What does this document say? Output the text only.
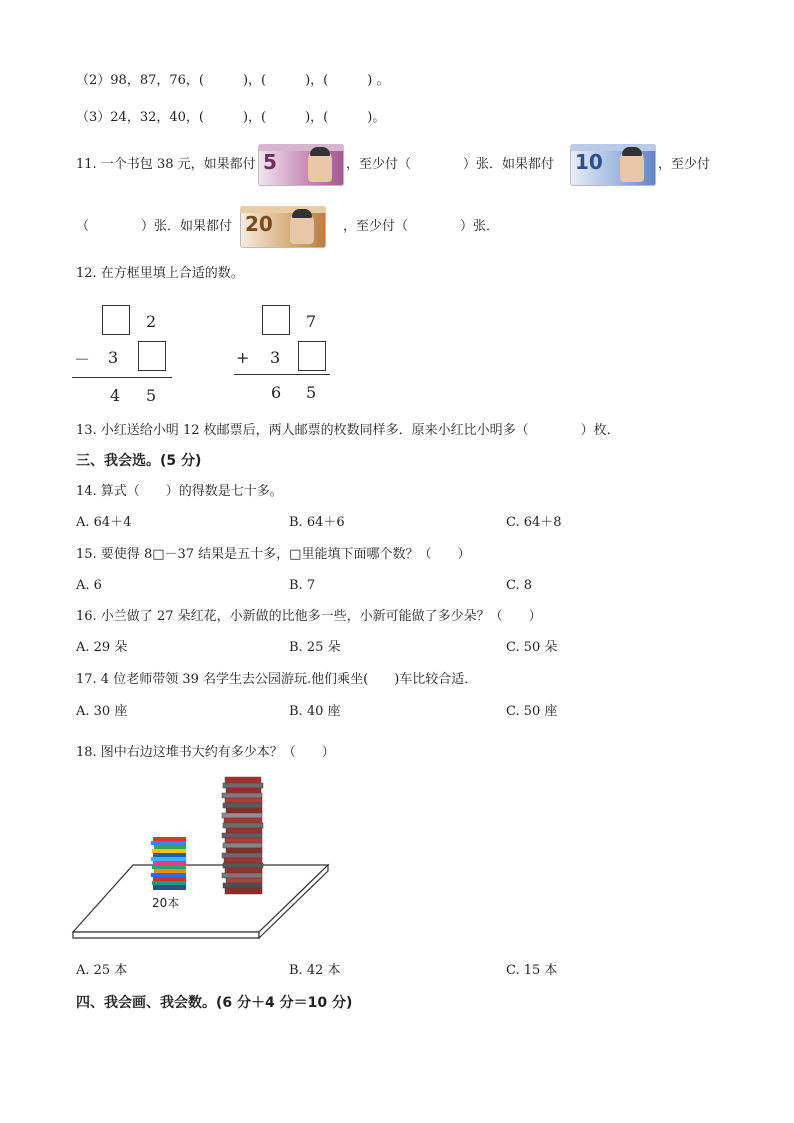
（2）98，87，76，(　　　)，(　　　)，(　　　) 。
（3）24，32，40，(　　　)，(　　　)，(　　　)。
11. 一个书包 38 元，如果都付 5	，至少付（　　　　）张．如果都付 10	，至少付
（　　　　）张．如果都付 20	，至少付（　　　　）张．
12. 在方框里填上合适的数。
2
－ 3
4 5
7
+ 3
6 5
13. 小红送给小明 12 枚邮票后，两人邮票的枚数同样多．原来小红比小明多（　　　　）枚．
三、我会选。(5 分)
14. 算式（　　）的得数是七十多。
A. 64＋4	B. 64＋6	C. 64＋8
15. 要使得 8□－37 结果是五十多，□里能填下面哪个数？（　　）
A. 6	B. 7	C. 8
16. 小兰做了 27 朵红花，小新做的比他多一些，小新可能做了多少朵？（　　）
A. 29 朵	B. 25 朵	C. 50 朵
17. 4 位老师带领 39 名学生去公园游玩.他们乘坐(　　)车比较合适．
A. 30 座	B. 40 座	C. 50 座
18. 图中右边这堆书大约有多少本？（　　）
20本
A. 25 本	B. 42 本	C. 15 本
四、我会画、我会数。(6 分＋4 分＝10 分)
